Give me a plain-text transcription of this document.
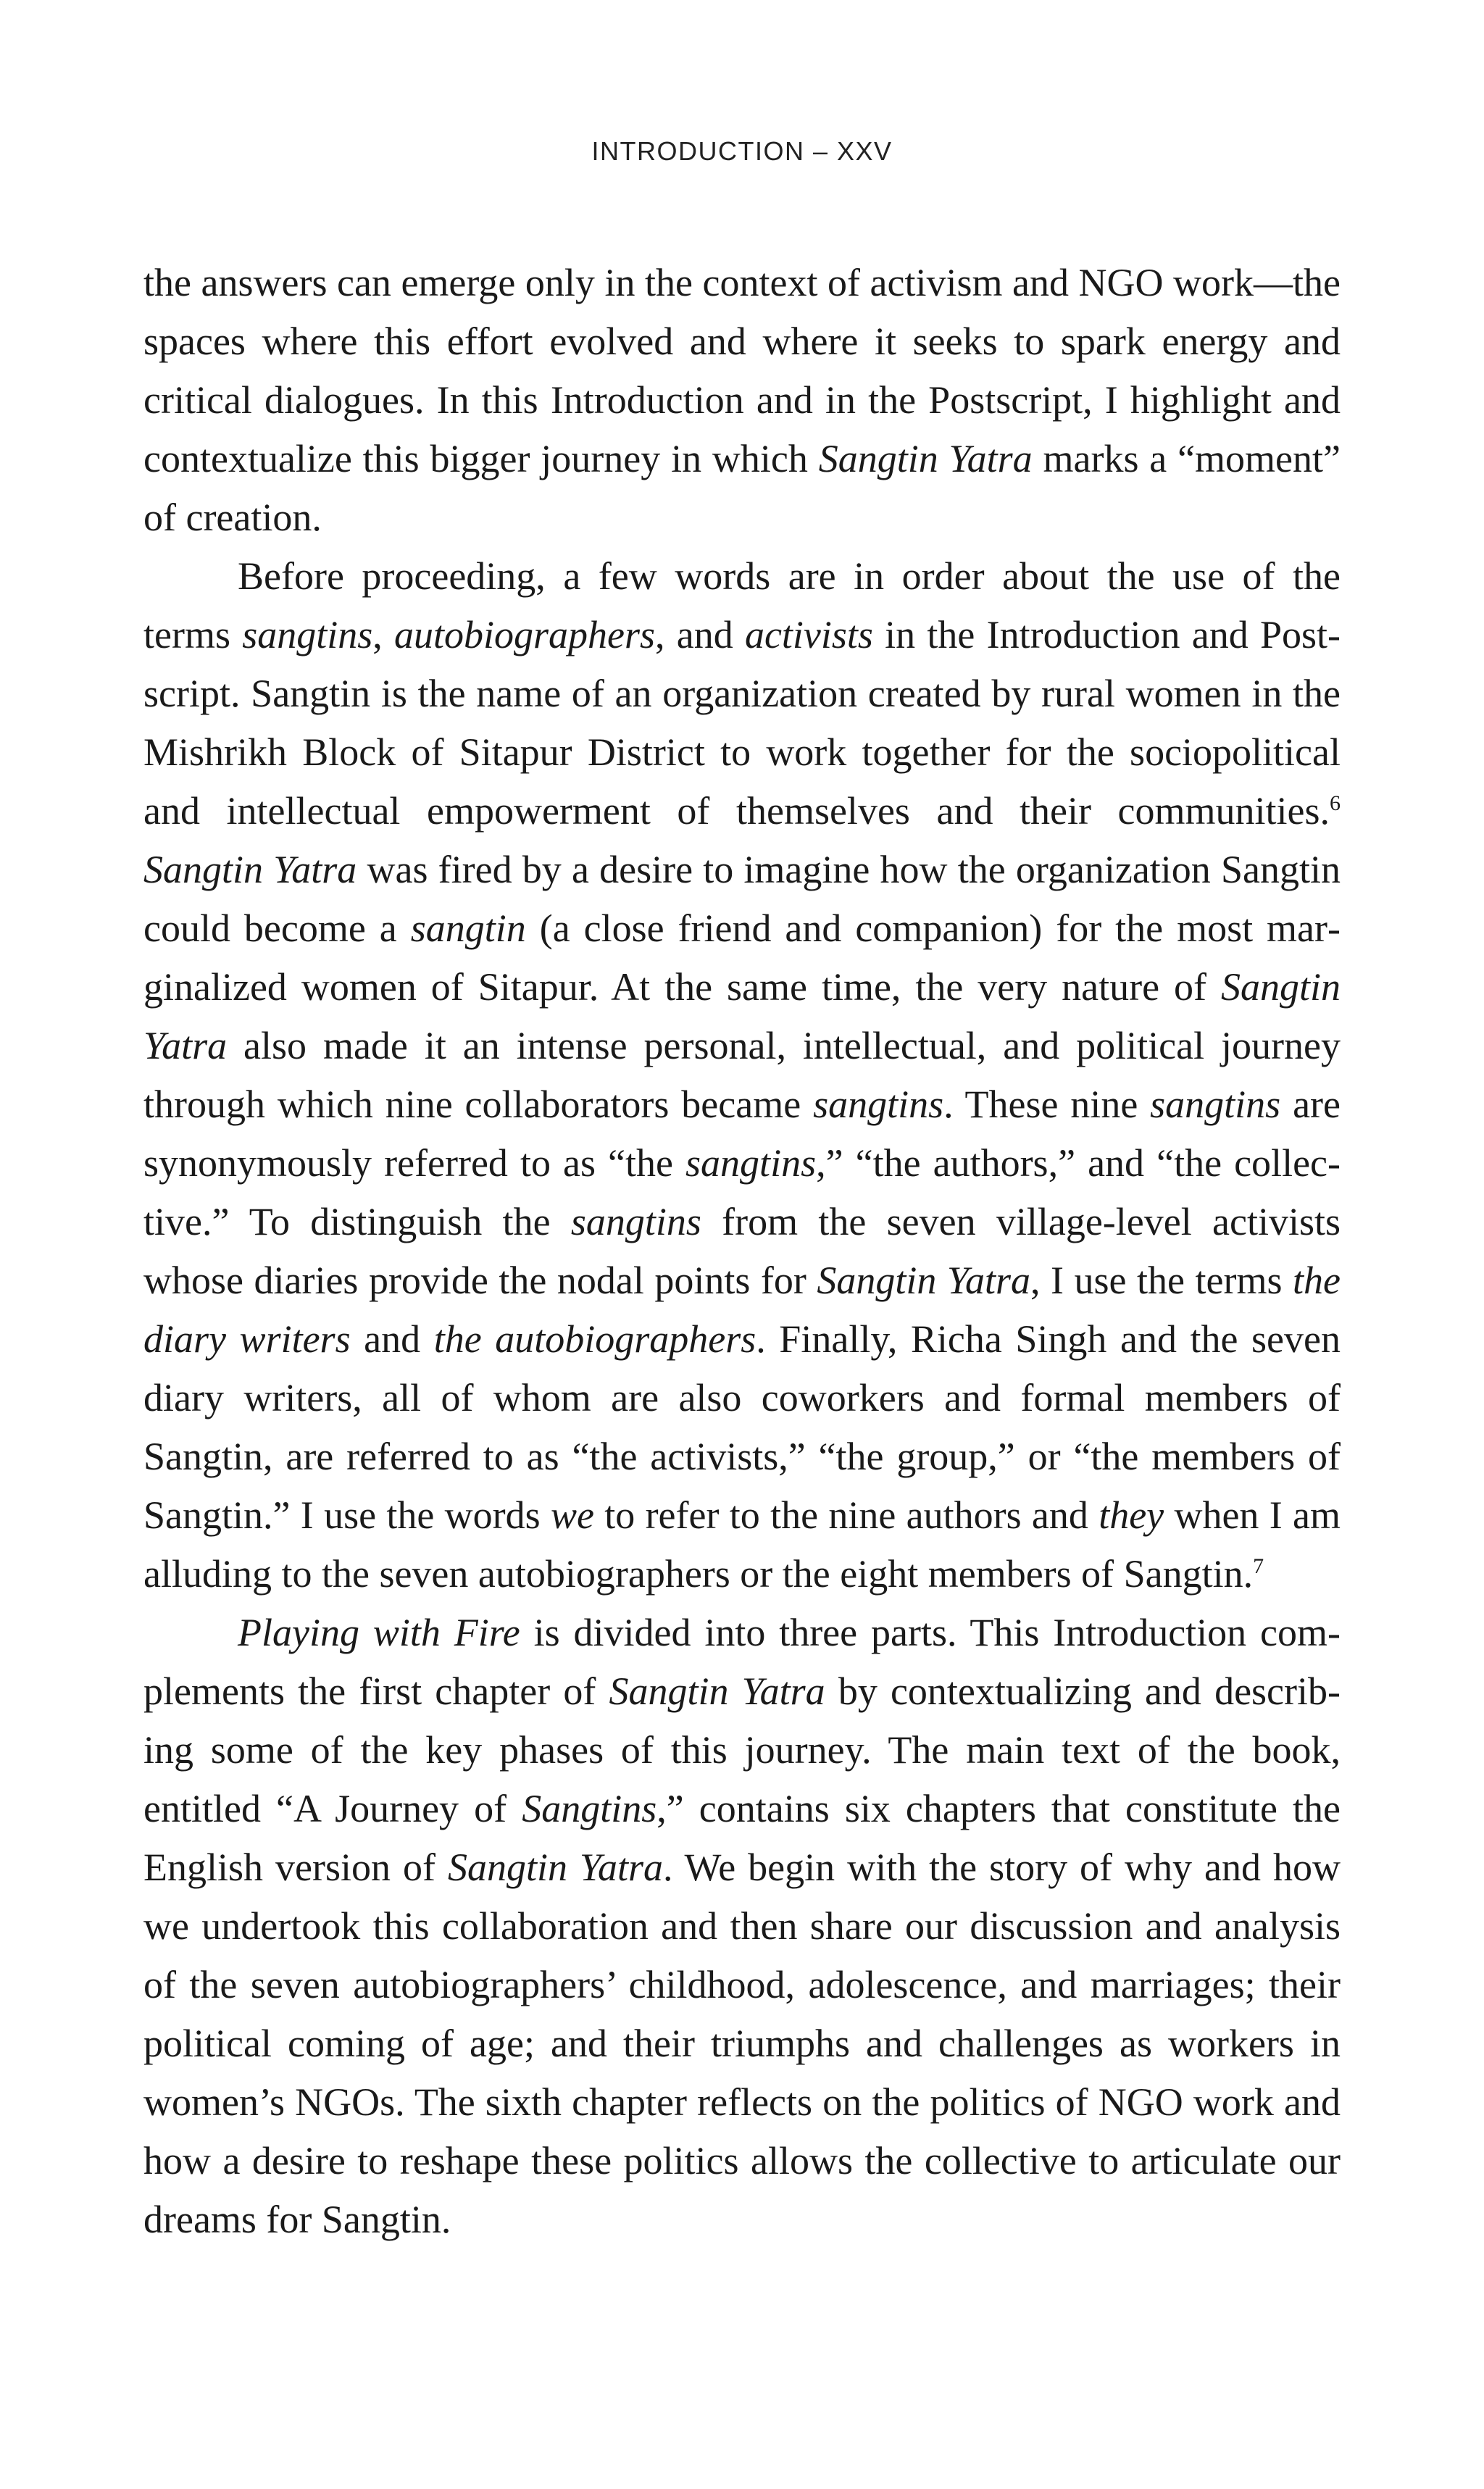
INTRODUCTION – XXV

the answers can emerge only in the context of activism and NGO work—the spaces where this effort evolved and where it seeks to spark energy and critical dialogues. In this Introduction and in the Postscript, I highlight and contextualize this bigger journey in which Sangtin Yatra marks a “moment” of creation.

Before proceeding, a few words are in order about the use of the terms sangtins, autobiographers, and activists in the Introduction and Postscript. Sangtin is the name of an organization created by rural women in the Mishrikh Block of Sitapur District to work together for the sociopolitical and intellectual empowerment of themselves and their communities.$^6$ Sangtin Yatra was fired by a desire to imagine how the organization Sangtin could become a sangtin (a close friend and companion) for the most marginalized women of Sitapur. At the same time, the very nature of Sangtin Yatra also made it an intense personal, intellectual, and political journey through which nine collaborators became sangtins. These nine sangtins are synonymously referred to as “the sangtins,” “the authors,” and “the collective.” To distinguish the sangtins from the seven village-level activists whose diaries provide the nodal points for Sangtin Yatra, I use the terms the diary writers and the autobiographers. Finally, Richa Singh and the seven diary writers, all of whom are also coworkers and formal members of Sangtin, are referred to as “the activists,” “the group,” or “the members of Sangtin.” I use the words we to refer to the nine authors and they when I am alluding to the seven autobiographers or the eight members of Sangtin.$^7$

Playing with Fire is divided into three parts. This Introduction complements the first chapter of Sangtin Yatra by contextualizing and describing some of the key phases of this journey. The main text of the book, entitled “A Journey of Sangtins,” contains six chapters that constitute the English version of Sangtin Yatra. We begin with the story of why and how we undertook this collaboration and then share our discussion and analysis of the seven autobiographers’ childhood, adolescence, and marriages; their political coming of age; and their triumphs and challenges as workers in women’s NGOs. The sixth chapter reflects on the politics of NGO work and how a desire to reshape these politics allows the collective to articulate our dreams for Sangtin.
